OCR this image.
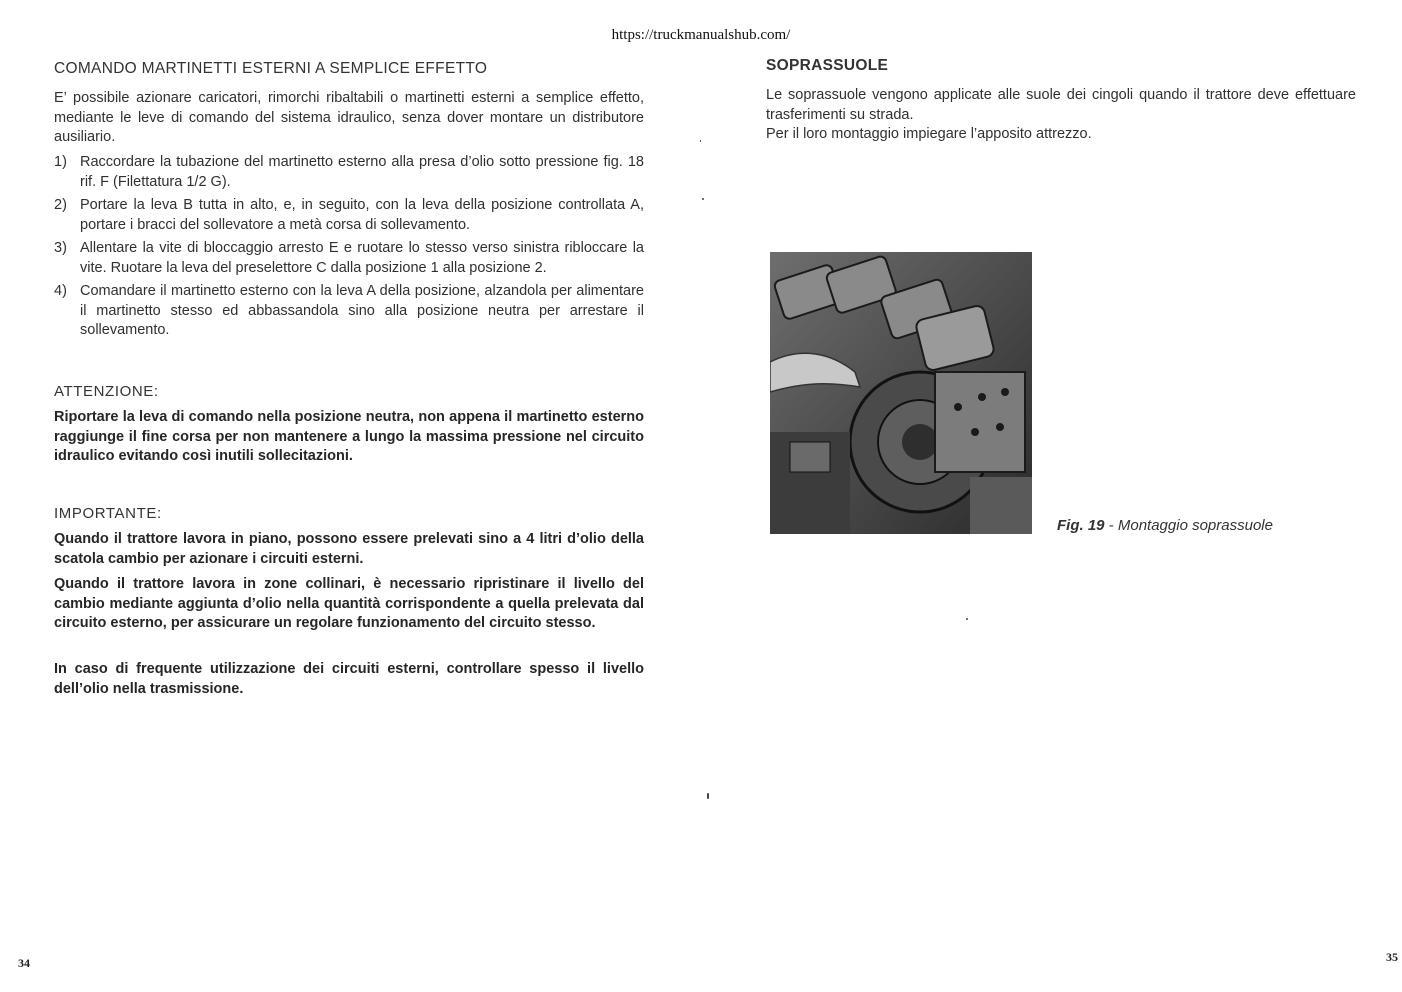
https://truckmanualshub.com/
COMANDO MARTINETTI ESTERNI A SEMPLICE EFFETTO
E’ possibile azionare caricatori, rimorchi ribaltabili o martinetti esterni a semplice effetto, mediante le leve di comando del sistema idraulico, senza dover montare un distributore ausiliario.
1) Raccordare la tubazione del martinetto esterno alla presa d’olio sotto pressione fig. 18 rif. F (Filettatura 1/2 G).
2) Portare la leva B tutta in alto, e, in seguito, con la leva della posizione controllata A, portare i bracci del sollevatore a metà corsa di sollevamento.
3) Allentare la vite di bloccaggio arresto E e ruotare lo stesso verso sinistra ribloccare la vite. Ruotare la leva del preselettore C dalla posizione 1 alla posizione 2.
4) Comandare il martinetto esterno con la leva A della posizione, alzandola per alimentare il martinetto stesso ed abbassandola sino alla posizione neutra per arrestare il sollevamento.
ATTENZIONE:
Riportare la leva di comando nella posizione neutra, non appena il martinetto esterno raggiunge il fine corsa per non mantenere a lungo la massima pressione nel circuito idraulico evitando così inutili sollecitazioni.
IMPORTANTE:
Quando il trattore lavora in piano, possono essere prelevati sino a 4 litri d’olio della scatola cambio per azionare i circuiti esterni.
Quando il trattore lavora in zone collinari, è necessario ripristinare il livello del cambio mediante aggiunta d’olio nella quantità corrispondente a quella prelevata dal circuito esterno, per assicurare un regolare funzionamento del circuito stesso.
In caso di frequente utilizzazione dei circuiti esterni, controllare spesso il livello dell’olio nella trasmissione.
34
SOPRASSUOLE
Le soprassuole vengono applicate alle suole dei cingoli quando il trattore deve effettuare trasferimenti su strada.
Per il loro montaggio impiegare l’apposito attrezzo.
Fig. 19 - Montaggio soprassuole
35
